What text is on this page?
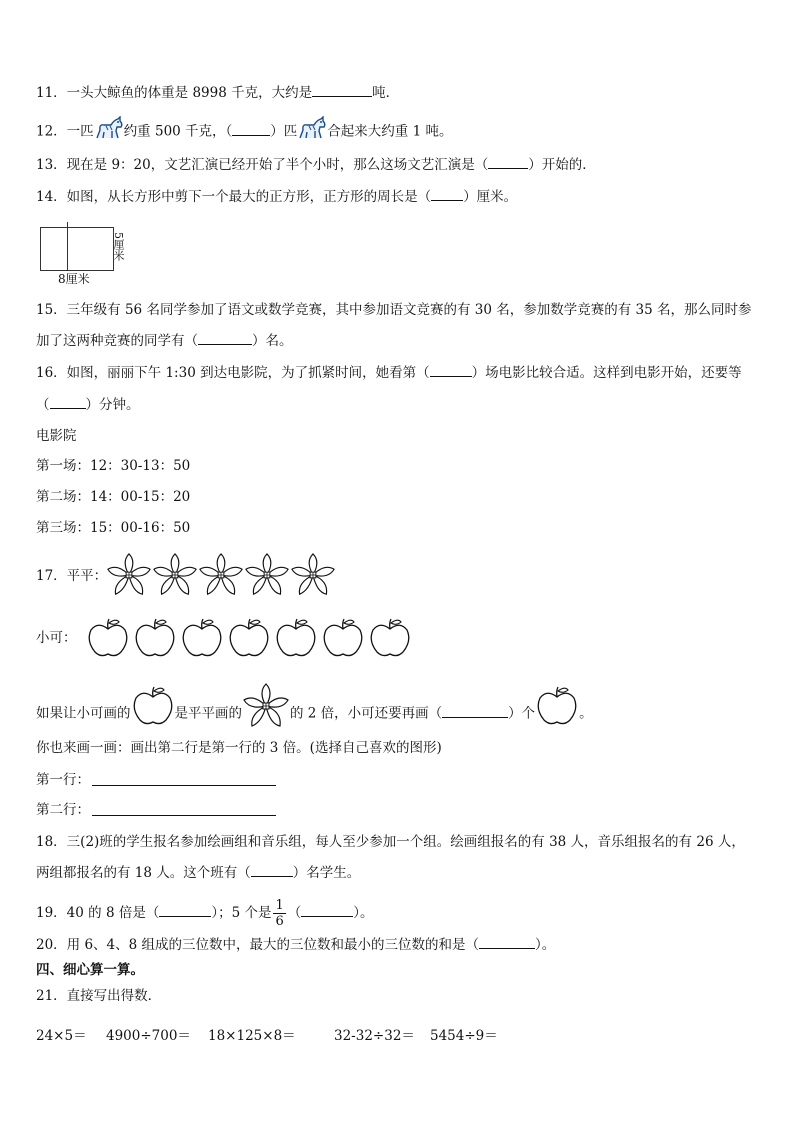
11．一头大鲸鱼的体重是 8998 千克，大约是	吨．
12．一匹 约重 500 千克，（	）匹 合起来大约重 1 吨。
13．现在是 9：20，文艺汇演已经开始了半个小时，那么这场文艺汇演是（	）开始的．
14．如图，从长方形中剪下一个最大的正方形，正方形的周长是（ ）厘米。
8厘米
5厘米
15．三年级有 56 名同学参加了语文或数学竞赛，其中参加语文竞赛的有 30 名，参加数学竞赛的有 35 名，那么同时参
加了这两种竞赛的同学有（	）名。
16．如图，丽丽下午 1:30 到达电影院，为了抓紧时间，她看第（	）场电影比较合适。这样到电影开始，还要等
（	）分钟。
电影院
第一场：12：30-13：50
第二场：14：00-15：20
第三场：15：00-16：50
17．平平：
小可：
如果让小可画的	是平平画的	的 2 倍，小可还要再画（	）个	。
你也来画一画：画出第二行是第一行的 3 倍。(选择自己喜欢的图形)
第一行：
第二行：
18．三(2)班的学生报名参加绘画组和音乐组，每人至少参加一个组。绘画组报名的有 38 人，音乐组报名的有 26 人，
两组都报名的有 18 人。这个班有（	）名学生。
19．40 的 8 倍是（	）；5 个是 $\frac{1}{6}$ （	）。
20．用 6、4、8 组成的三位数中，最大的三位数和最小的三位数的和是（	）。
四、细心算一算。
21．直接写出得数．
24×5＝ 4900÷700＝ 18×125×8＝	32-32÷32＝ 5454÷9＝
